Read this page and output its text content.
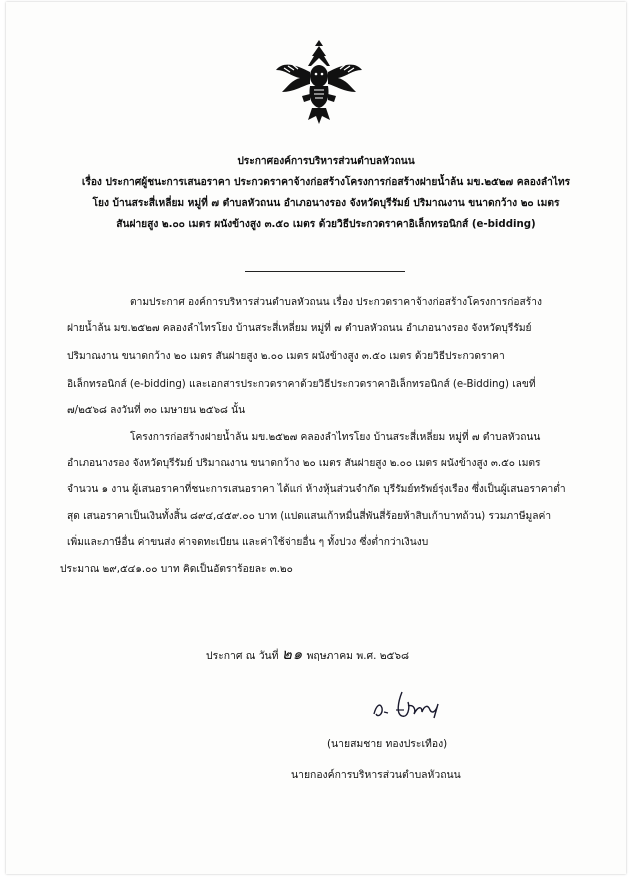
ประกาศองค์การบริหารส่วนตำบลหัวถนน
เรื่อง ประกาศผู้ชนะการเสนอราคา ประกวดราคาจ้างก่อสร้างโครงการก่อสร้างฝายน้ำล้น มข.๒๕๒๗ คลองลำไทร
โยง บ้านสระสี่เหลี่ยม หมู่ที่ ๗ ตำบลหัวถนน อำเภอนางรอง จังหวัดบุรีรัมย์ ปริมาณงาน ขนาดกว้าง ๒๐ เมตร
สันฝายสูง ๒.๐๐ เมตร ผนังข้างสูง ๓.๕๐ เมตร ด้วยวิธีประกวดราคาอิเล็กทรอนิกส์ (e-bidding)
ตามประกาศ องค์การบริหารส่วนตำบลหัวถนน เรื่อง ประกวดราคาจ้างก่อสร้างโครงการก่อสร้าง
ฝายน้ำล้น มข.๒๕๒๗ คลองลำไทรโยง บ้านสระสี่เหลี่ยม หมู่ที่ ๗ ตำบลหัวถนน อำเภอนางรอง จังหวัดบุรีรัมย์
ปริมาณงาน ขนาดกว้าง ๒๐ เมตร สันฝายสูง ๒.๐๐ เมตร ผนังข้างสูง ๓.๕๐ เมตร ด้วยวิธีประกวดราคา
อิเล็กทรอนิกส์ (e-bidding) และเอกสารประกวดราคาด้วยวิธีประกวดราคาอิเล็กทรอนิกส์ (e-Bidding) เลขที่
๗/๒๕๖๘ ลงวันที่ ๓๐ เมษายน ๒๕๖๘ นั้น
โครงการก่อสร้างฝายน้ำล้น มข.๒๕๒๗ คลองลำไทรโยง บ้านสระสี่เหลี่ยม หมู่ที่ ๗ ตำบลหัวถนน
อำเภอนางรอง จังหวัดบุรีรัมย์ ปริมาณงาน ขนาดกว้าง ๒๐ เมตร สันฝายสูง ๒.๐๐ เมตร ผนังข้างสูง ๓.๕๐ เมตร
จำนวน ๑ งาน ผู้เสนอราคาที่ชนะการเสนอราคา ได้แก่ ห้างหุ้นส่วนจำกัด บุรีรัมย์ทรัพย์รุ่งเรือง ซึ่งเป็นผู้เสนอราคาต่ำ
สุด เสนอราคาเป็นเงินทั้งสิ้น ๘๙๔,๔๕๙.๐๐ บาท (แปดแสนเก้าหมื่นสี่พันสี่ร้อยห้าสิบเก้าบาทถ้วน) รวมภาษีมูลค่า
เพิ่มและภาษีอื่น ค่าขนส่ง ค่าจดทะเบียน และค่าใช้จ่ายอื่น ๆ ทั้งปวง ซึ่งต่ำกว่าเงินงบ
ประมาณ ๒๙,๕๔๑.๐๐ บาท คิดเป็นอัตราร้อยละ ๓.๒๐
ประกาศ ณ วันที่ ๒๑ พฤษภาคม พ.ศ. ๒๕๖๘
(นายสมชาย ทองประเทือง)
นายกองค์การบริหารส่วนตำบลหัวถนน
